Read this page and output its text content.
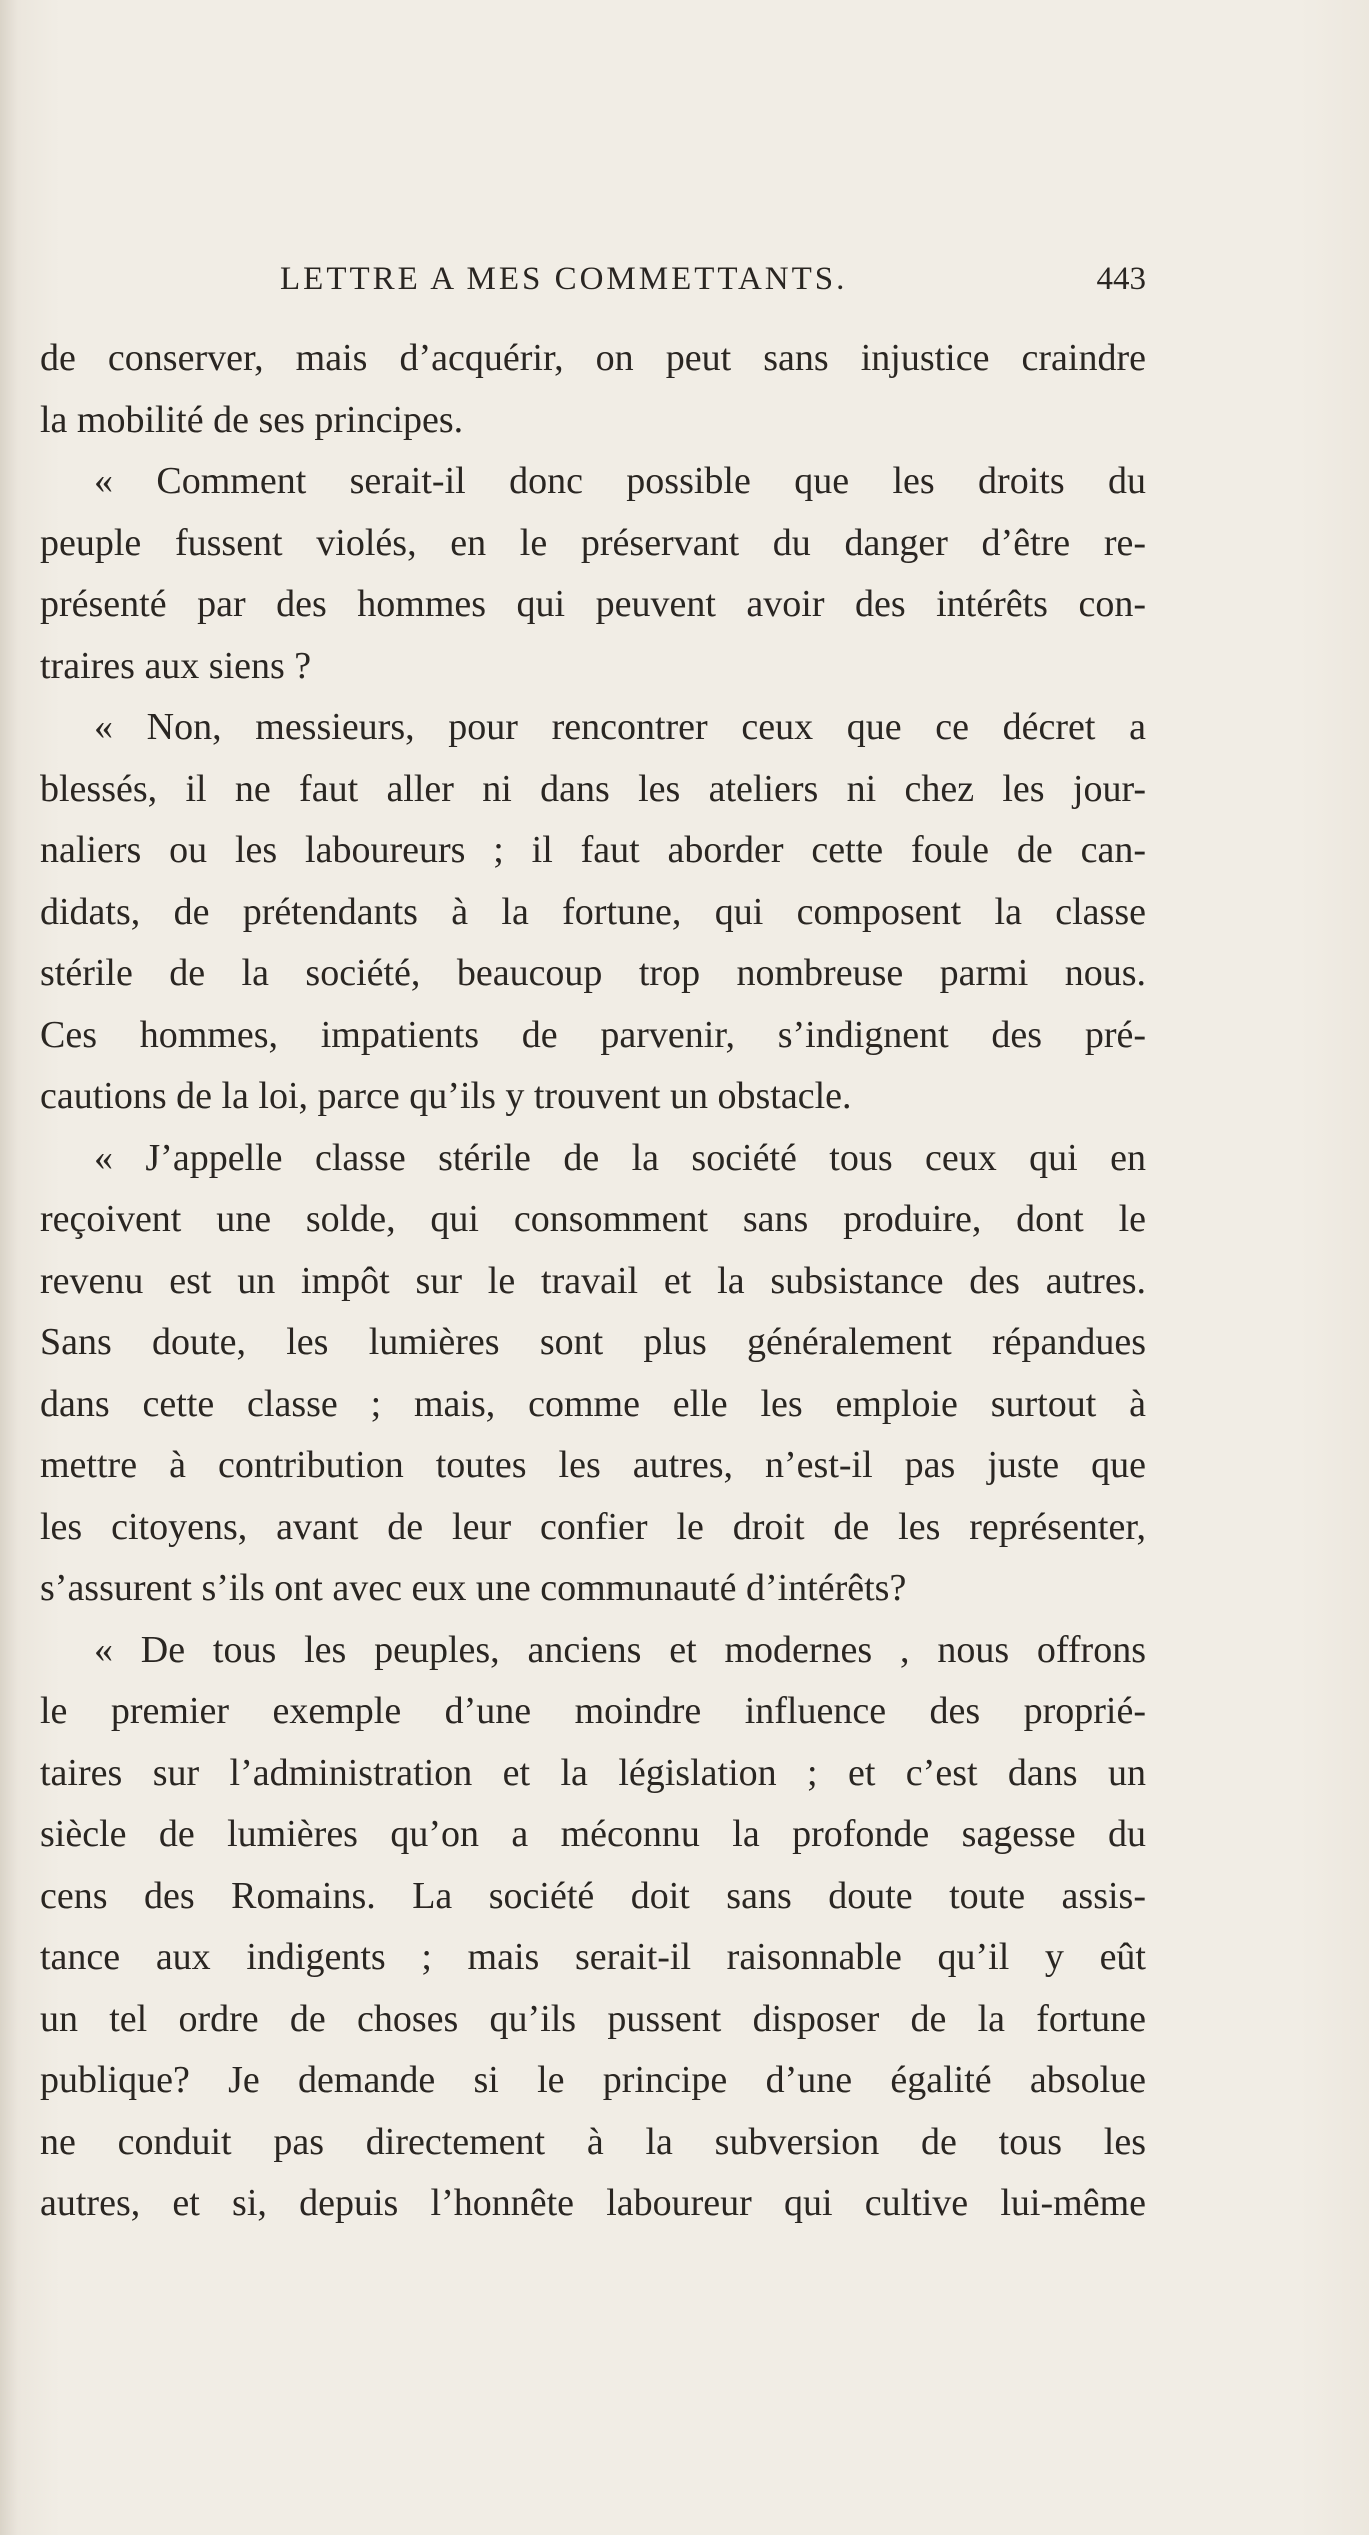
LETTRE A MES COMMETTANTS.	443
de conserver, mais d’acquérir, on peut sans injustice craindre
la mobilité de ses principes.
« Comment serait-il donc possible que les droits du
peuple fussent violés, en le préservant du danger d’être re-
présenté par des hommes qui peuvent avoir des intérêts con-
traires aux siens ?
« Non, messieurs, pour rencontrer ceux que ce décret a
blessés, il ne faut aller ni dans les ateliers ni chez les jour-
naliers ou les laboureurs ; il faut aborder cette foule de can-
didats, de prétendants à la fortune, qui composent la classe
stérile de la société, beaucoup trop nombreuse parmi nous.
Ces hommes, impatients de parvenir, s’indignent des pré-
cautions de la loi, parce qu’ils y trouvent un obstacle.
« J’appelle classe stérile de la société tous ceux qui en
reçoivent une solde, qui consomment sans produire, dont le
revenu est un impôt sur le travail et la subsistance des autres.
Sans doute, les lumières sont plus généralement répandues
dans cette classe ; mais, comme elle les emploie surtout à
mettre à contribution toutes les autres, n’est-il pas juste que
les citoyens, avant de leur confier le droit de les représenter,
s’assurent s’ils ont avec eux une communauté d’intérêts?
« De tous les peuples, anciens et modernes , nous offrons
le premier exemple d’une moindre influence des proprié-
taires sur l’administration et la législation ; et c’est dans un
siècle de lumières qu’on a méconnu la profonde sagesse du
cens des Romains. La société doit sans doute toute assis-
tance aux indigents ; mais serait-il raisonnable qu’il y eût
un tel ordre de choses qu’ils pussent disposer de la fortune
publique? Je demande si le principe d’une égalité absolue
ne conduit pas directement à la subversion de tous les
autres, et si, depuis l’honnête laboureur qui cultive lui-même
